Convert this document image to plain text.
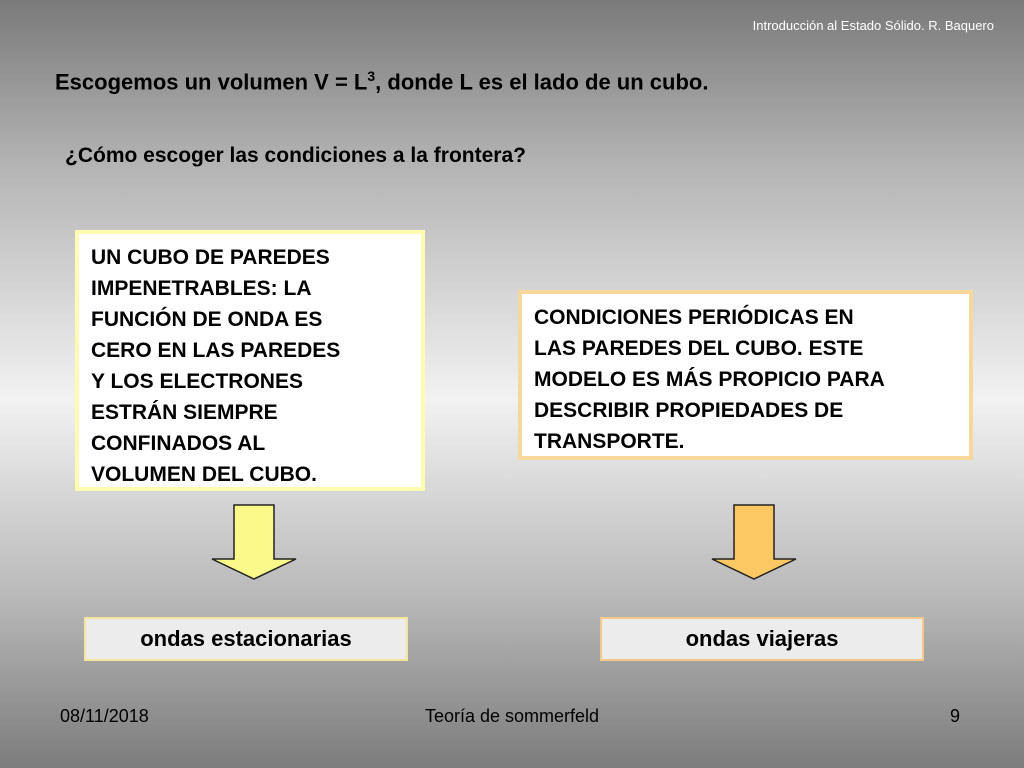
Introducción al Estado Sólido. R. Baquero
Escogemos un volumen $V = L^3$, donde L es el lado de un cubo.
¿Cómo escoger las condiciones a la frontera?
UN CUBO DE PAREDES
IMPENETRABLES: LA
FUNCIÓN DE ONDA ES
CERO EN LAS PAREDES
Y LOS ELECTRONES
ESTRÁN SIEMPRE
CONFINADOS AL
VOLUMEN DEL CUBO.
CONDICIONES PERIÓDICAS EN
LAS PAREDES DEL CUBO. ESTE
MODELO ES MÁS PROPICIO PARA
DESCRIBIR PROPIEDADES DE
TRANSPORTE.
ondas estacionarias	ondas viajeras
08/11/2018	Teoría de sommerfeld	9
